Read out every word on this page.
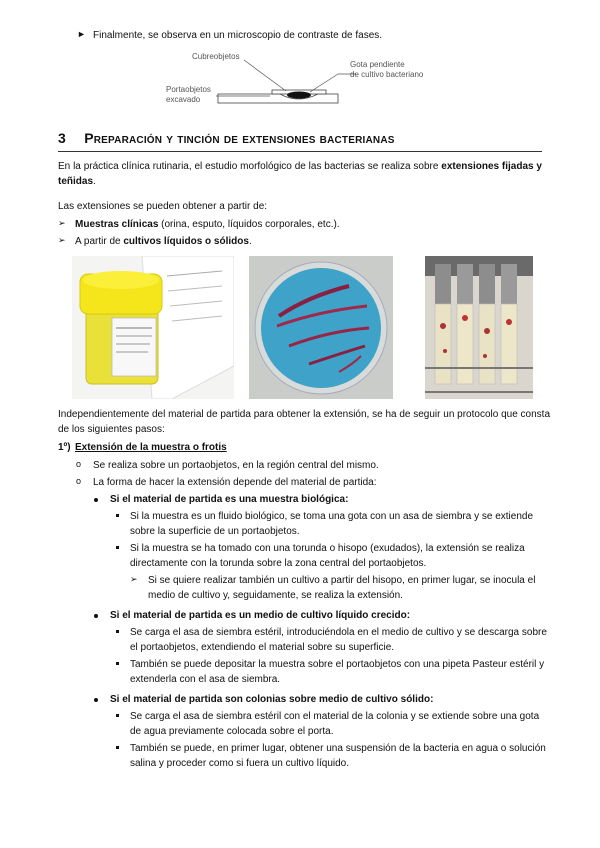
► Finalmente, se observa en un microscopio de contraste de fases.
Cubreobjetos
Gota pendiente
de cultivo bacteriano
Portaobjetos
excavado
3 Preparación y tinción de extensiones bacterianas
En la práctica clínica rutinaria, el estudio morfológico de las bacterias se realiza sobre extensiones fijadas y teñidas.
Las extensiones se pueden obtener a partir de:
➢ Muestras clínicas (orina, esputo, líquidos corporales, etc.).
➢ A partir de cultivos líquidos o sólidos.
Independientemente del material de partida para obtener la extensión, se ha de seguir un protocolo que consta
de los siguientes pasos:
1º) Extensión de la muestra o frotis
o Se realiza sobre un portaobjetos, en la región central del mismo.
o La forma de hacer la extensión depende del material de partida:
Si el material de partida es una muestra biológica:
Si la muestra es un fluido biológico, se toma una gota con un asa de siembra y se extiende
sobre la superficie de un portaobjetos.
Si la muestra se ha tomado con una torunda o hisopo (exudados), la extensión se realiza
directamente con la torunda sobre la zona central del portaobjetos.
➢ Si se quiere realizar también un cultivo a partir del hisopo, en primer lugar, se inocula el
medio de cultivo y, seguidamente, se realiza la extensión.
Si el material de partida es un medio de cultivo líquido crecido:
Se carga el asa de siembra estéril, introduciéndola en el medio de cultivo y se descarga sobre
el portaobjetos, extendiendo el material sobre su superficie.
También se puede depositar la muestra sobre el portaobjetos con una pipeta Pasteur estéril y
extenderla con el asa de siembra.
Si el material de partida son colonias sobre medio de cultivo sólido:
Se carga el asa de siembra estéril con el material de la colonia y se extiende sobre una gota
de agua previamente colocada sobre el porta.
También se puede, en primer lugar, obtener una suspensión de la bacteria en agua o solución
salina y proceder como si fuera un cultivo líquido.
